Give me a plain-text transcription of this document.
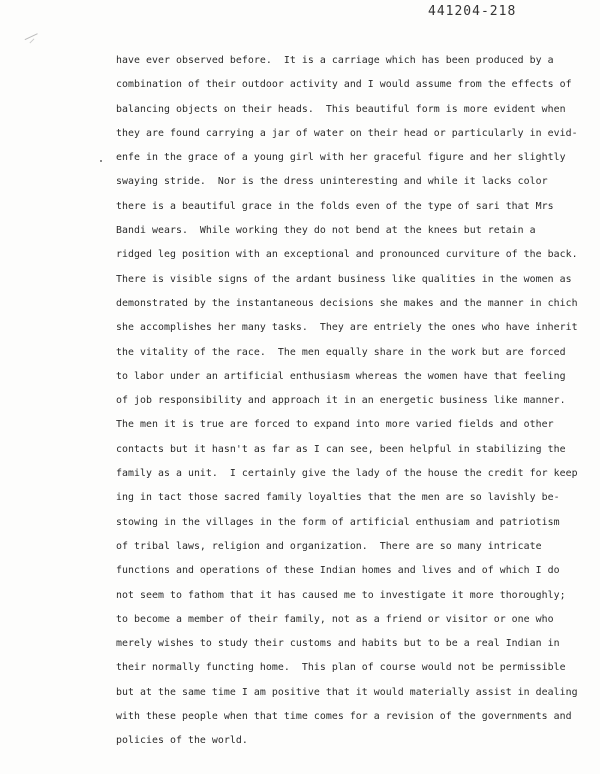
441204-218
have ever observed before.  It is a carriage which has been produced by a
combination of their outdoor activity and I would assume from the effects of
balancing objects on their heads.  This beautiful form is more evident when
they are found carrying a jar of water on their head or particularly in evid-
enfe in the grace of a young girl with her graceful figure and her slightly
swaying stride.  Nor is the dress uninteresting and while it lacks color
there is a beautiful grace in the folds even of the type of sari that Mrs
Bandi wears.  While working they do not bend at the knees but retain a
ridged leg position with an exceptional and pronounced curviture of the back.
There is visible signs of the ardant business like qualities in the women as
demonstrated by the instantaneous decisions she makes and the manner in chich
she accomplishes her many tasks.  They are entriely the ones who have inherit
the vitality of the race.  The men equally share in the work but are forced
to labor under an artificial enthusiasm whereas the women have that feeling
of job responsibility and approach it in an energetic business like manner.
The men it is true are forced to expand into more varied fields and other
contacts but it hasn't as far as I can see, been helpful in stabilizing the
family as a unit.  I certainly give the lady of the house the credit for keep
ing in tact those sacred family loyalties that the men are so lavishly be-
stowing in the villages in the form of artificial enthusiam and patriotism
of tribal laws, religion and organization.  There are so many intricate
functions and operations of these Indian homes and lives and of which I do
not seem to fathom that it has caused me to investigate it more thoroughly;
to become a member of their family, not as a friend or visitor or one who
merely wishes to study their customs and habits but to be a real Indian in
their normally functing home.  This plan of course would not be permissible
but at the same time I am positive that it would materially assist in dealing
with these people when that time comes for a revision of the governments and
policies of the world.
